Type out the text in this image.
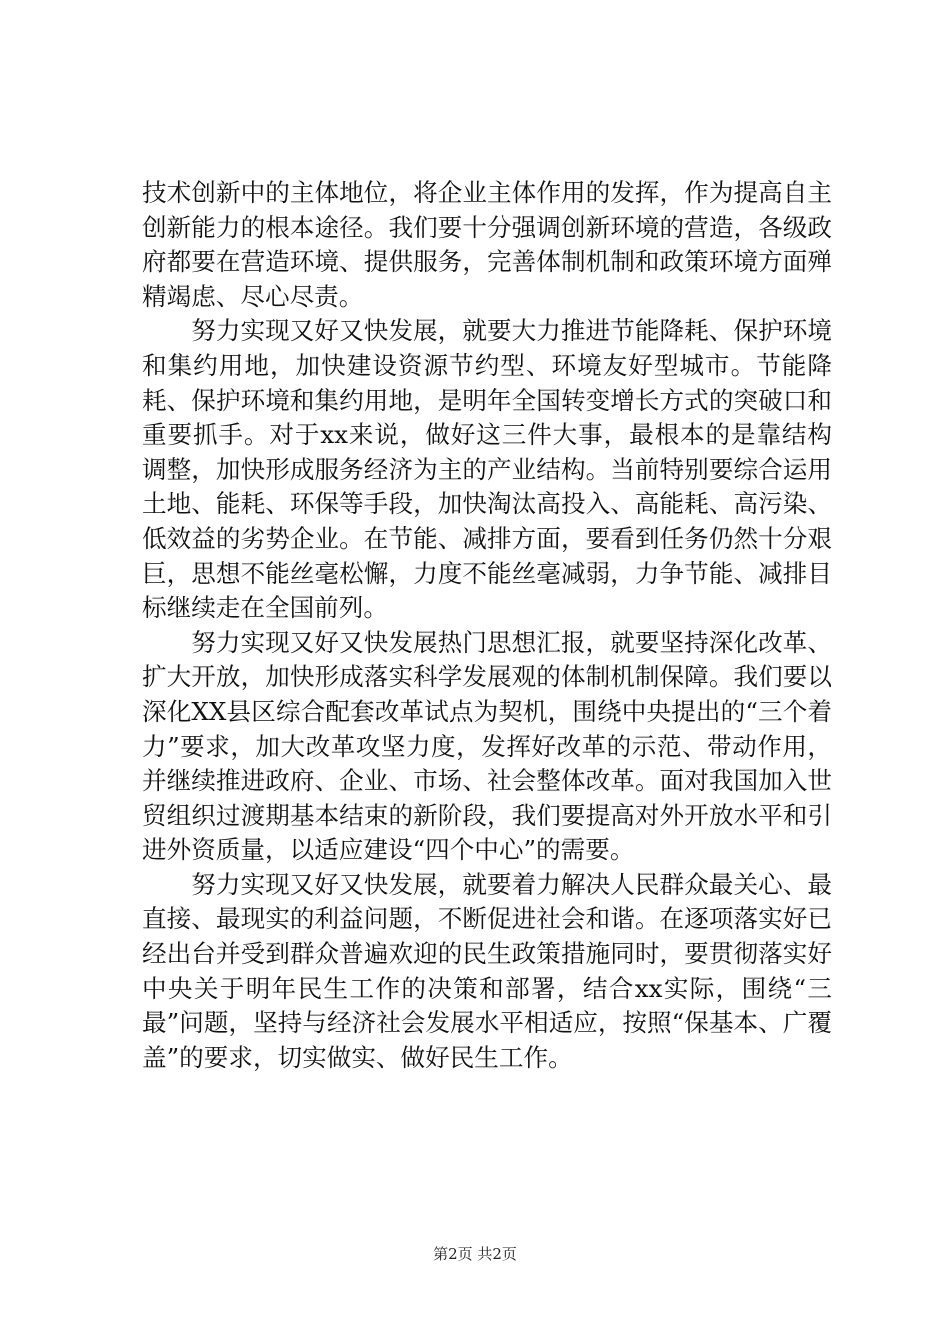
技术创新中的主体地位，将企业主体作用的发挥，作为提高自主创新能力的根本途径。我们要十分强调创新环境的营造，各级政府都要在营造环境、提供服务，完善体制机制和政策环境方面殚精竭虑、尽心尽责。

努力实现又好又快发展，就要大力推进节能降耗、保护环境和集约用地，加快建设资源节约型、环境友好型城市。节能降耗、保护环境和集约用地，是明年全国转变增长方式的突破口和重要抓手。对于xx来说，做好这三件大事，最根本的是靠结构调整，加快形成服务经济为主的产业结构。当前特别要综合运用土地、能耗、环保等手段，加快淘汰高投入、高能耗、高污染、低效益的劣势企业。在节能、减排方面，要看到任务仍然十分艰巨，思想不能丝毫松懈，力度不能丝毫减弱，力争节能、减排目标继续走在全国前列。

努力实现又好又快发展热门思想汇报，就要坚持深化改革、扩大开放，加快形成落实科学发展观的体制机制保障。我们要以深化XX县区综合配套改革试点为契机，围绕中央提出的“三个着力”要求，加大改革攻坚力度，发挥好改革的示范、带动作用，并继续推进政府、企业、市场、社会整体改革。面对我国加入世贸组织过渡期基本结束的新阶段，我们要提高对外开放水平和引进外资质量，以适应建设“四个中心”的需要。

努力实现又好又快发展，就要着力解决人民群众最关心、最直接、最现实的利益问题，不断促进社会和谐。在逐项落实好已经出台并受到群众普遍欢迎的民生政策措施同时，要贯彻落实好中央关于明年民生工作的决策和部署，结合xx实际，围绕“三最”问题，坚持与经济社会发展水平相适应，按照“保基本、广覆盖”的要求，切实做实、做好民生工作。

第2页 共2页
